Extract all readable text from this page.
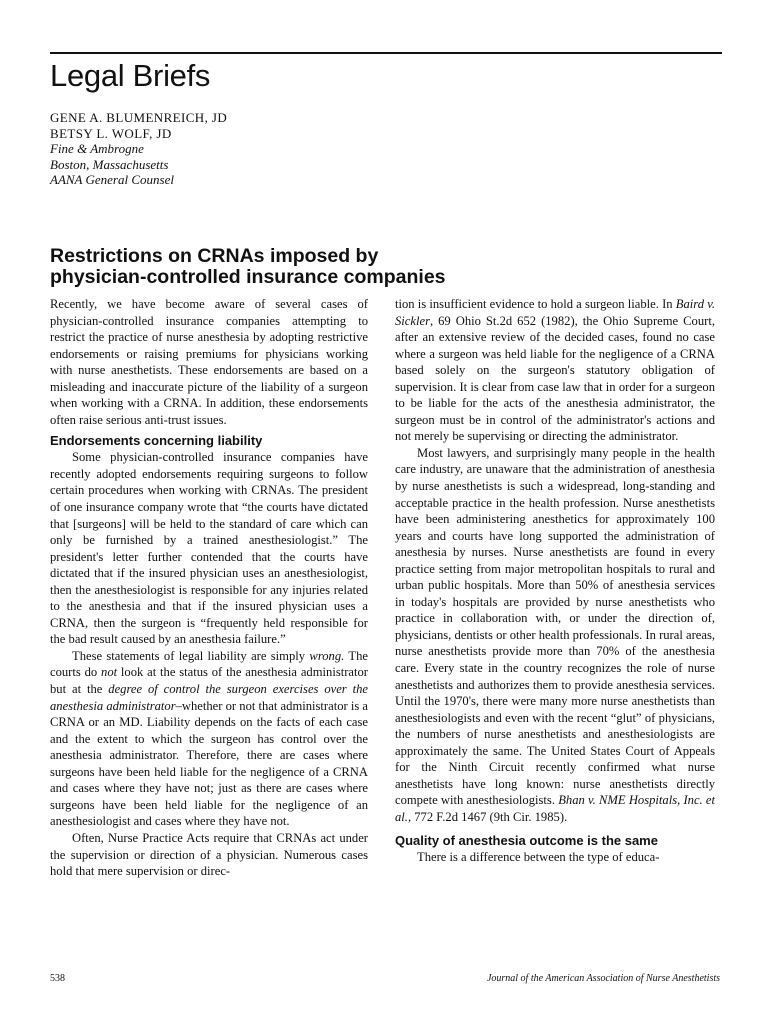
Legal Briefs
GENE A. BLUMENREICH, JD
BETSY L. WOLF, JD
Fine & Ambrogne
Boston, Massachusetts
AANA General Counsel
Restrictions on CRNAs imposed by
physician-controlled insurance companies

Recently, we have become aware of several cases of physician-controlled insurance companies attempting to restrict the practice of nurse anesthesia by adopting restrictive endorsements or raising premiums for physicians working with nurse anesthetists. These endorsements are based on a misleading and inaccurate picture of the liability of a surgeon when working with a CRNA. In addition, these endorsements often raise serious anti-trust issues.

Endorsements concerning liability

Some physician-controlled insurance companies have recently adopted endorsements requiring surgeons to follow certain procedures when working with CRNAs. The president of one insurance company wrote that “the courts have dictated that [surgeons] will be held to the standard of care which can only be furnished by a trained anesthesiologist.” The president's letter further contended that the courts have dictated that if the insured physician uses an anesthesiologist, then the anesthesiologist is responsible for any injuries related to the anesthesia and that if the insured physician uses a CRNA, then the surgeon is “frequently held responsible for the bad result caused by an anesthesia failure.”

These statements of legal liability are simply wrong. The courts do not look at the status of the anesthesia administrator but at the degree of control the surgeon exercises over the anesthesia administrator–whether or not that administrator is a CRNA or an MD. Liability depends on the facts of each case and the extent to which the surgeon has control over the anesthesia administrator. Therefore, there are cases where surgeons have been held liable for the negligence of a CRNA and cases where they have not; just as there are cases where surgeons have been held liable for the negligence of an anesthesiologist and cases where they have not.

Often, Nurse Practice Acts require that CRNAs act under the supervision or direction of a physician. Numerous cases hold that mere supervision or direc-

tion is insufficient evidence to hold a surgeon liable. In Baird v. Sickler, 69 Ohio St.2d 652 (1982), the Ohio Supreme Court, after an extensive review of the decided cases, found no case where a surgeon was held liable for the negligence of a CRNA based solely on the surgeon's statutory obligation of supervision. It is clear from case law that in order for a surgeon to be liable for the acts of the anesthesia administrator, the surgeon must be in control of the administrator's actions and not merely be supervising or directing the administrator.

Most lawyers, and surprisingly many people in the health care industry, are unaware that the administration of anesthesia by nurse anesthetists is such a widespread, long-standing and acceptable practice in the health profession. Nurse anesthetists have been administering anesthetics for approximately 100 years and courts have long supported the administration of anesthesia by nurses. Nurse anesthetists are found in every practice setting from major metropolitan hospitals to rural and urban public hospitals. More than 50% of anesthesia services in today's hospitals are provided by nurse anesthetists who practice in collaboration with, or under the direction of, physicians, dentists or other health professionals. In rural areas, nurse anesthetists provide more than 70% of the anesthesia care. Every state in the country recognizes the role of nurse anesthetists and authorizes them to provide anesthesia services. Until the 1970's, there were many more nurse anesthetists than anesthesiologists and even with the recent “glut” of physicians, the numbers of nurse anesthetists and anesthesiologists are approximately the same. The United States Court of Appeals for the Ninth Circuit recently confirmed what nurse anesthetists have long known: nurse anesthetists directly compete with anesthesiologists. Bhan v. NME Hospitals, Inc. et al., 772 F.2d 1467 (9th Cir. 1985).

Quality of anesthesia outcome is the same

There is a difference between the type of educa-

538	Journal of the American Association of Nurse Anesthetists
